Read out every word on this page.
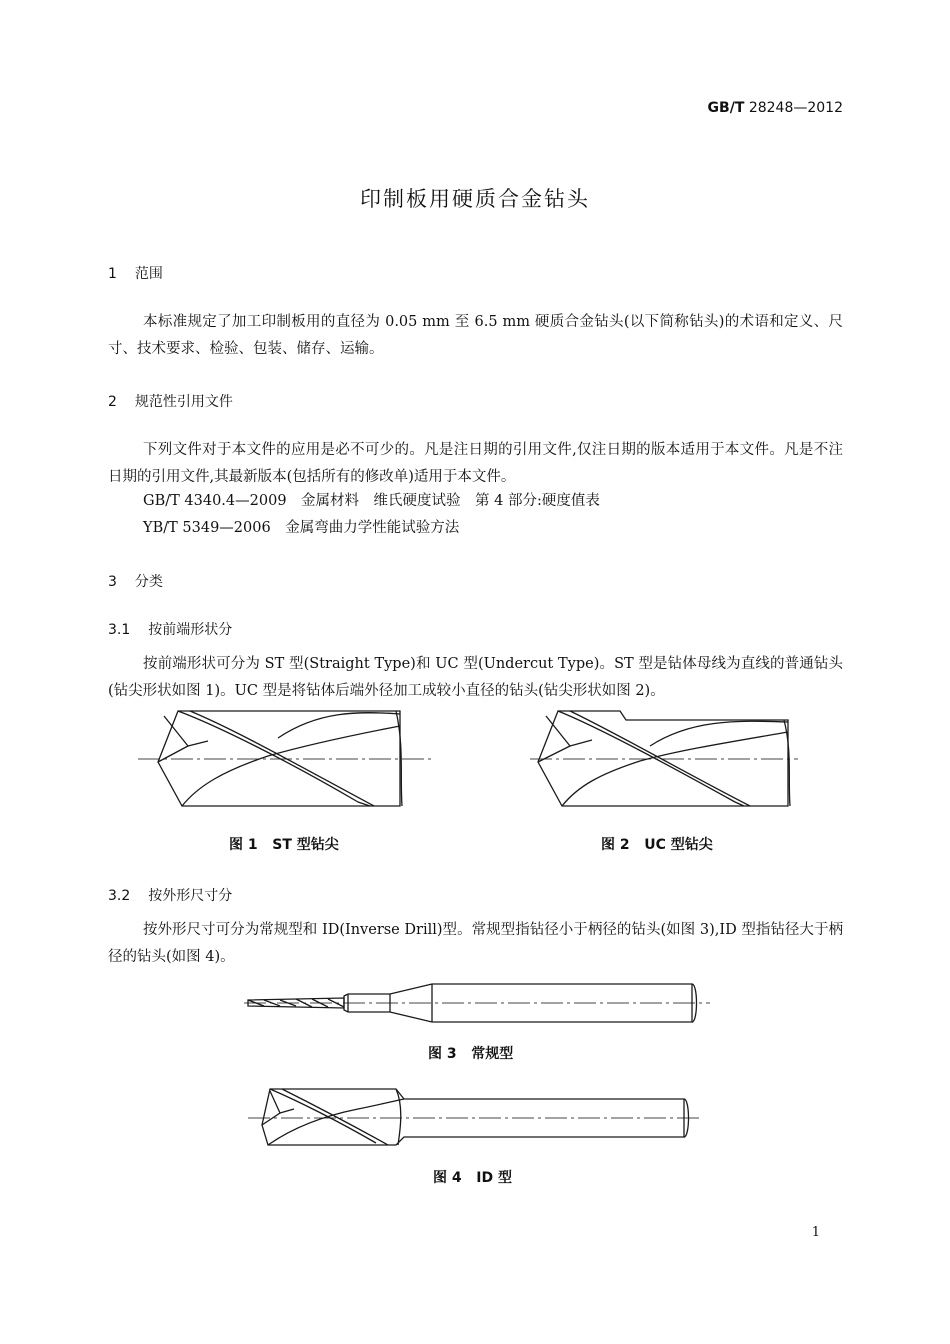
GB/T 28248—2012
印制板用硬质合金钻头
1 范围
本标准规定了加工印制板用的直径为 0.05 mm 至 6.5 mm 硬质合金钻头(以下简称钻头)的术语和定义、尺寸、技术要求、检验、包装、储存、运输。
2 规范性引用文件
下列文件对于本文件的应用是必不可少的。凡是注日期的引用文件,仅注日期的版本适用于本文件。凡是不注日期的引用文件,其最新版本(包括所有的修改单)适用于本文件。
GB/T 4340.4—2009　金属材料　维氏硬度试验　第 4 部分:硬度值表
YB/T 5349—2006　金属弯曲力学性能试验方法
3 分类
3.1 按前端形状分
按前端形状可分为 ST 型(Straight Type)和 UC 型(Undercut Type)。ST 型是钻体母线为直线的普通钻头(钻尖形状如图 1)。UC 型是将钻体后端外径加工成较小直径的钻头(钻尖形状如图 2)。
图 1 ST 型钻尖	图 2 UC 型钻尖
3.2 按外形尺寸分
按外形尺寸可分为常规型和 ID(Inverse Drill)型。常规型指钻径小于柄径的钻头(如图 3),ID 型指钻径大于柄径的钻头(如图 4)。
图 3 常规型
图 4 ID 型
1
